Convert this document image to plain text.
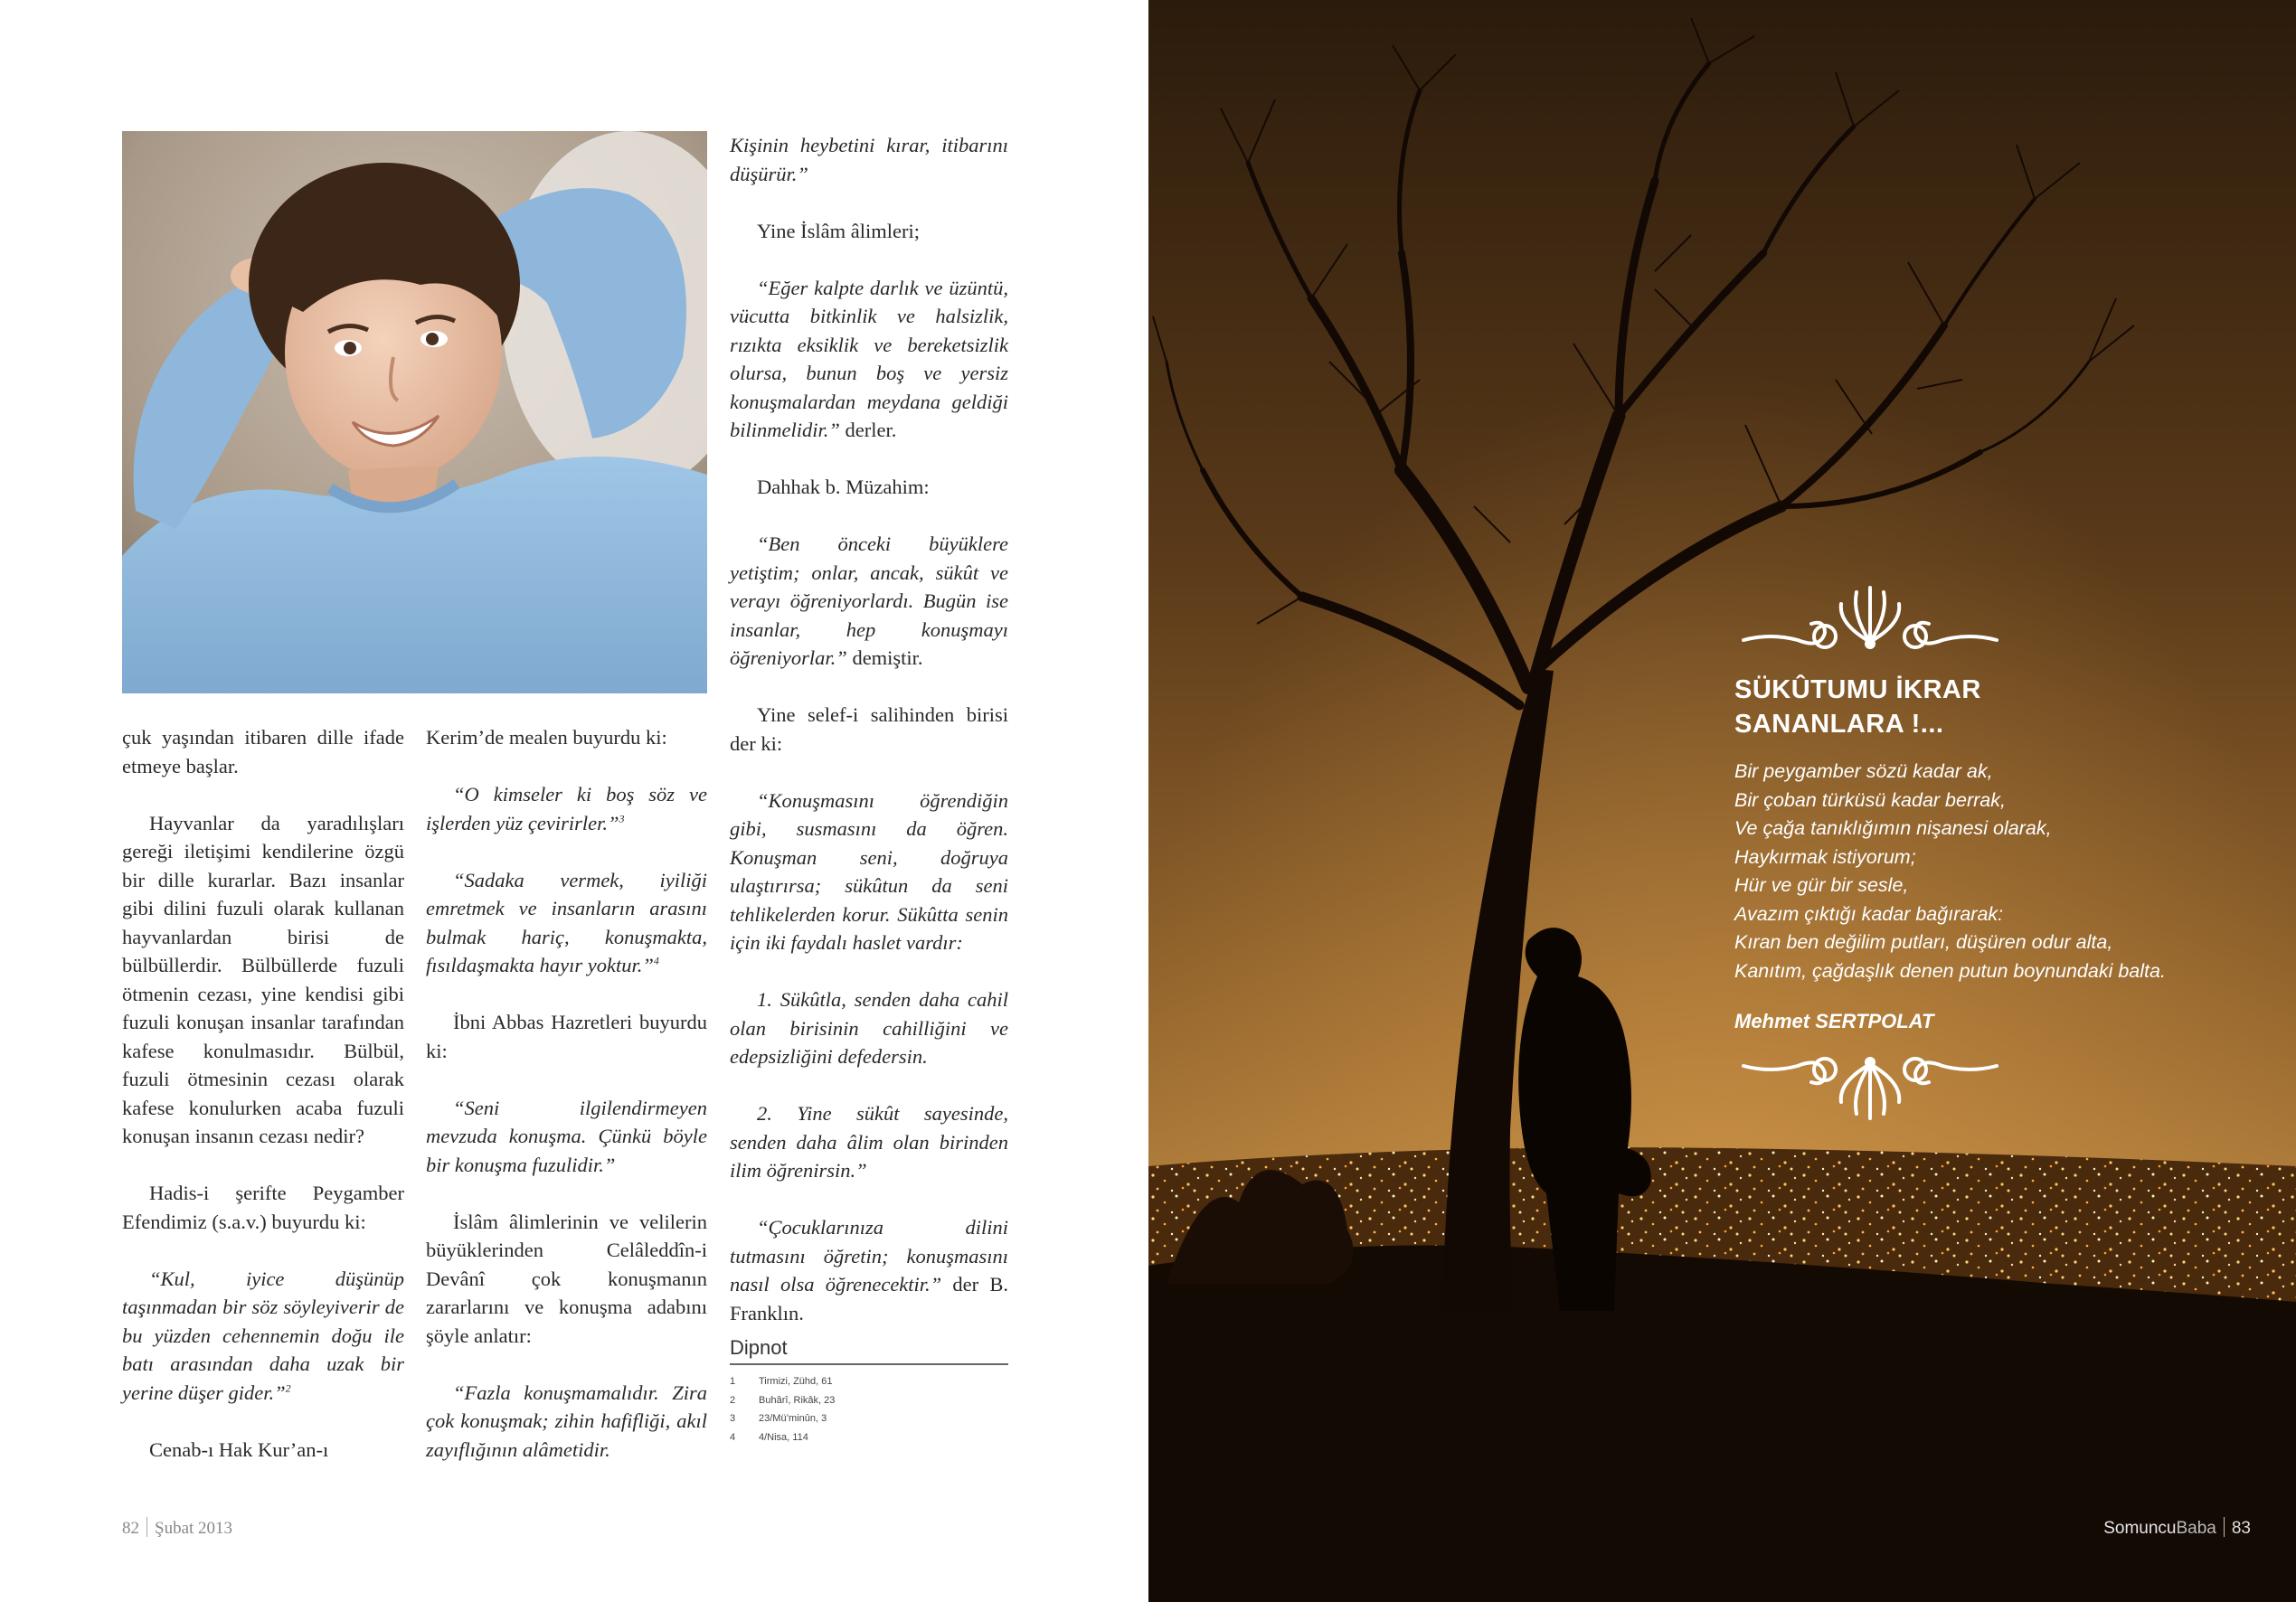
çuk yaşından itibaren dille ifade etmeye başlar.

Hayvanlar da yaradılışları gereği iletişimi kendilerine özgü bir dille kurarlar. Bazı insanlar gibi dilini fuzuli olarak kullanan hayvanlardan birisi de bülbüllerdir. Bülbüllerde fuzuli ötmenin cezası, yine kendisi gibi fuzuli konuşan insanlar tarafından kafese konulmasıdır. Bülbül, fuzuli ötmesinin cezası olarak kafese konulurken acaba fuzuli konuşan insanın cezası nedir?

Hadis-i şerifte Peygamber Efendimiz (s.a.v.) buyurdu ki:

“Kul, iyice düşünüp taşınmadan bir söz söyleyiverir de bu yüzden cehennemin doğu ile batı arasından daha uzak bir yerine düşer gider.”$^2$

Cenab-ı Hak Kur’an-ı

Kerim’de mealen buyurdu ki:

“O kimseler ki boş söz ve işlerden yüz çevirirler.”$^3$

“Sadaka vermek, iyiliği emretmek ve insanların arasını bulmak hariç, konuşmakta, fısıldaşmakta hayır yoktur.”$^4$

İbni Abbas Hazretleri buyurdu ki:

“Seni ilgilendirmeyen mevzuda konuşma. Çünkü böyle bir konuşma fuzulidir.”

İslâm âlimlerinin ve velilerin büyüklerinden Celâleddîn-i Devânî çok konuşmanın zararlarını ve konuşma adabını şöyle anlatır:

“Fazla konuşmamalıdır. Zira çok konuşmak; zihin hafifliği, akıl zayıflığının alâmetidir.

Kişinin heybetini kırar, itibarını düşürür.”

Yine İslâm âlimleri;

“Eğer kalpte darlık ve üzüntü, vücutta bitkinlik ve halsizlik, rızıkta eksiklik ve bereketsizlik olursa, bunun boş ve yersiz konuşmalardan meydana geldiği bilinmelidir.” derler.

Dahhak b. Müzahim:

“Ben önceki büyüklere yetiştim; onlar, ancak, sükût ve verayı öğreniyorlardı. Bugün ise insanlar, hep konuşmayı öğreniyorlar.” demiştir.

Yine selef-i salihinden birisi der ki:

“Konuşmasını öğrendiğin gibi, susmasını da öğren. Konuşman seni, doğruya ulaştırırsa; sükûtun da seni tehlikelerden korur. Sükûtta senin için iki faydalı haslet vardır:

1. Sükûtla, senden daha cahil olan birisinin cahilliğini ve edepsizliğini defedersin.

2. Yine sükût sayesinde, senden daha âlim olan birinden ilim öğrenirsin.”

“Çocuklarınıza dilini tutmasını öğretin; konuşmasını nasıl olsa öğrenecektir.” der B. Franklın.

Dipnot
1	Tirmizi, Zühd, 61
2	Buhârî, Rikâk, 23
3	23/Mü’minûn, 3
4	4/Nisa, 114
82 Şubat 2013
SÜKÛTUMU İKRAR
SANANLARA !...
Bir peygamber sözü kadar ak,
Bir çoban türküsü kadar berrak,
Ve çağa tanıklığımın nişanesi olarak,
Haykırmak istiyorum;
Hür ve gür bir sesle,
Avazım çıktığı kadar bağırarak:
Kıran ben değilim putları, düşüren odur alta,
Kanıtım, çağdaşlık denen putun boynundaki balta.
Mehmet SERTPOLAT
SomuncuBaba 83
